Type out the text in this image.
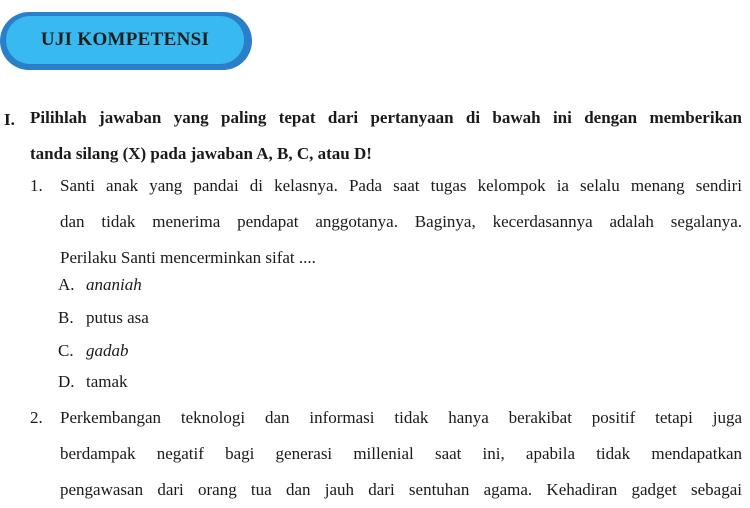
UJI KOMPETENSI
I. Pilihlah jawaban yang paling tepat dari pertanyaan di bawah ini dengan memberikan
tanda silang (X) pada jawaban A, B, C, atau D!
1. Santi anak yang pandai di kelasnya. Pada saat tugas kelompok ia selalu menang sendiri
dan tidak menerima pendapat anggotanya. Baginya, kecerdasannya adalah segalanya.
Perilaku Santi mencerminkan sifat ....
A. ananiah
B. putus asa
C. gadab
D. tamak
2. Perkembangan teknologi dan informasi tidak hanya berakibat positif tetapi juga
berdampak negatif bagi generasi millenial saat ini, apabila tidak mendapatkan
pengawasan dari orang tua dan jauh dari sentuhan agama. Kehadiran gadget sebagai
